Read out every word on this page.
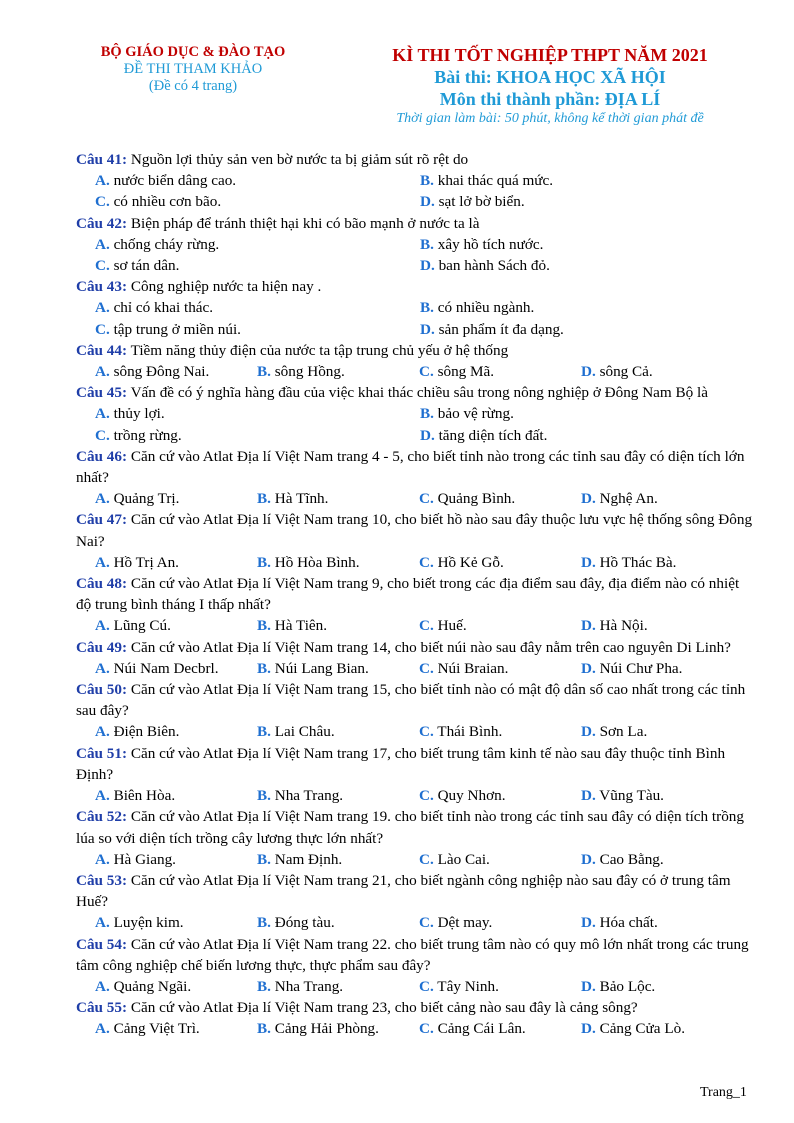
BỘ GIÁO DỤC & ĐÀO TẠO
ĐỀ THI THAM KHẢO
(Đề có 4 trang)
KÌ THI TỐT NGHIỆP THPT NĂM 2021
Bài thi: KHOA HỌC XÃ HỘI
Môn thi thành phần: ĐỊA LÍ
Thời gian làm bài: 50 phút, không kể thời gian phát đề

Câu 41: Nguồn lợi thủy sản ven bờ nước ta bị giảm sút rõ rệt do

A. nước biển dâng cao.	B. khai thác quá mức.
C. có nhiều cơn bão.	D. sạt lở bờ biển.

Câu 42: Biện pháp để tránh thiệt hại khi có bão mạnh ở nước ta là

A. chống cháy rừng.	B. xây hồ tích nước.
C. sơ tán dân.	D. ban hành Sách đỏ.

Câu 43: Công nghiệp nước ta hiện nay .

A. chỉ có khai thác.	B. có nhiều ngành.
C. tập trung ở miền núi.	D. sản phẩm ít đa dạng.

Câu 44: Tiềm năng thủy điện của nước ta tập trung chủ yếu ở hệ thống

A. sông Đông Nai.	B. sông Hồng.	C. sông Mã.	D. sông Cả.

Câu 45: Vấn đề có ý nghĩa hàng đầu của việc khai thác chiều sâu trong nông nghiệp ở Đông Nam Bộ là

A. thủy lợi.	B. bảo vệ rừng.
C. trồng rừng.	D. tăng diện tích đất.

Câu 46: Căn cứ vào Atlat Địa lí Việt Nam trang 4 - 5, cho biết tỉnh nào trong các tỉnh sau đây có diện tích lớn nhất?

A. Quảng Trị.	B. Hà Tĩnh.	C. Quảng Bình.	D. Nghệ An.

Câu 47: Căn cứ vào Atlat Địa lí Việt Nam trang 10, cho biết hồ nào sau đây thuộc lưu vực hệ thống sông Đông Nai?

A. Hồ Trị An.	B. Hồ Hòa Bình.	C. Hồ Kẻ Gỗ.	D. Hồ Thác Bà.

Câu 48: Căn cứ vào Atlat Địa lí Việt Nam trang 9, cho biết trong các địa điểm sau đây, địa điểm nào có nhiệt độ trung bình tháng I thấp nhất?

A. Lũng Cú.	B. Hà Tiên.	C. Huế.	D. Hà Nội.

Câu 49: Căn cứ vào Atlat Địa lí Việt Nam trang 14, cho biết núi nào sau đây nằm trên cao nguyên Di Linh?

A. Núi Nam Decbrl.	B. Núi Lang Bian.	C. Núi Braian.	D. Núi Chư Pha.

Câu 50: Căn cứ vào Atlat Địa lí Việt Nam trang 15, cho biết tỉnh nào có mật độ dân số cao nhất trong các tỉnh sau đây?

A. Điện Biên.	B. Lai Châu.	C. Thái Bình.	D. Sơn La.

Câu 51: Căn cứ vào Atlat Địa lí Việt Nam trang 17, cho biết trung tâm kinh tế nào sau đây thuộc tỉnh Bình Định?

A. Biên Hòa.	B. Nha Trang.	C. Quy Nhơn.	D. Vũng Tàu.

Câu 52: Căn cứ vào Atlat Địa lí Việt Nam trang 19. cho biết tỉnh nào trong các tỉnh sau đây có diện tích trồng lúa so với diện tích trồng cây lương thực lớn nhất?

A. Hà Giang.	B. Nam Định.	C. Lào Cai.	D. Cao Bằng.

Câu 53: Căn cứ vào Atlat Địa lí Việt Nam trang 21, cho biết ngành công nghiệp nào sau đây có ở trung tâm Huế?

A. Luyện kim.	B. Đóng tàu.	C. Dệt may.	D. Hóa chất.

Câu 54: Căn cứ vào Atlat Địa lí Việt Nam trang 22. cho biết trung tâm nào có quy mô lớn nhất trong các trung tâm công nghiệp chế biến lương thực, thực phẩm sau đây?

A. Quảng Ngãi.	B. Nha Trang.	C. Tây Ninh.	D. Bảo Lộc.

Câu 55: Căn cứ vào Atlat Địa lí Việt Nam trang 23, cho biết cảng nào sau đây là cảng sông?

A. Cảng Việt Trì.	B. Cảng Hải Phòng.	C. Cảng Cái Lân.	D. Cảng Cửa Lò.
Trang_1
